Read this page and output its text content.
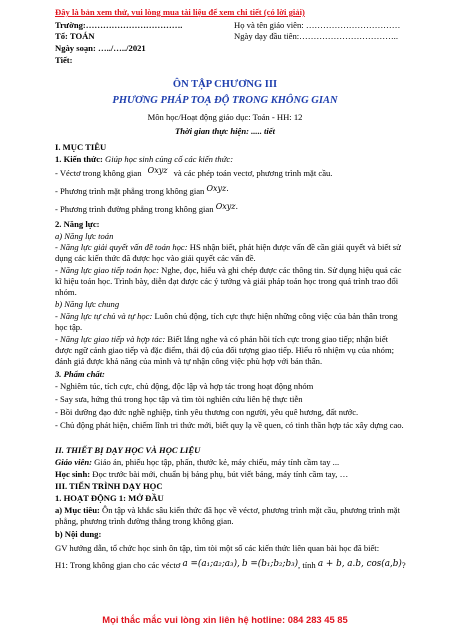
Đây là bản xem thử, vui lòng mua tài liệu để xem chi tiết (có lời giải)
Trường:…………………………….	Họ và tên giáo viên: ……………………………
Tổ: TOÁN	Ngày dạy đầu tiên:……………………………..
Ngày soạn: …../…../2021
Tiết:
ÔN TẬP CHƯƠNG III
PHƯƠNG PHÁP TOẠ ĐỘ TRONG KHÔNG GIAN
Môn học/Hoạt động giáo dục: Toán - HH: 12
Thời gian thực hiện: ..... tiết
I. MỤC TIÊU
1. Kiến thức: Giúp học sinh củng cố các kiến thức:
- Véctơ trong không gian Oxyz và các phép toán vectơ, phương trình mặt cầu.
- Phương trình mặt phẳng trong không gian Oxyz.
- Phương trình đường phẳng trong không gian Oxyz.
2. Năng lực:
a) Năng lực toán
- Năng lực giải quyết vấn đề toán học: HS nhận biết, phát hiện được vấn đề cần giải quyết và biết sử dụng các kiến thức đã được học vào giải quyết các vấn đề.
- Năng lực giao tiếp toán học: Nghe, đọc, hiểu và ghi chép được các thông tin. Sử dụng hiệu quả các kĩ hiệu toán học. Trình bày, diễn đạt được các ý tưởng và giải pháp toán học trong quá trình trao đổi nhóm.
b) Năng lực chung
- Năng lực tự chủ và tự học: Luôn chủ động, tích cực thực hiện những công việc của bản thân trong học tập.
- Năng lực giao tiếp và hợp tác: Biết lắng nghe và có phản hồi tích cực trong giao tiếp; nhận biết được ngữ cảnh giao tiếp và đặc điểm, thái độ của đối tượng giao tiếp. Hiểu rõ nhiệm vụ của nhóm; đánh giá được khả năng của mình và tự nhận công việc phù hợp với bản thân.
3. Phẩm chất:
- Nghiêm túc, tích cực, chủ động, độc lập và hợp tác trong hoạt động nhóm
- Say sưa, hứng thú trong học tập và tìm tòi nghiên cứu liên hệ thực tiễn
- Bồi dưỡng đạo đức nghề nghiệp, tình yêu thương con người, yêu quê hương, đất nước.
- Chủ động phát hiện, chiếm lĩnh tri thức mới, biết quy lạ về quen, có tinh thần hợp tác xây dựng cao.
II. THIẾT BỊ DẠY HỌC VÀ HỌC LIỆU
Giáo viên: Giáo án, phiếu học tập, phấn, thước kẻ, máy chiếu, máy tính cầm tay ...
Học sinh: Đọc trước bài mới, chuẩn bị bảng phụ, bút viết bảng, máy tính cầm tay, …
III. TIẾN TRÌNH DẠY HỌC
1. HOẠT ĐỘNG 1: MỞ ĐẦU
a) Mục tiêu: Ôn tập và khắc sâu kiến thức đã học về véctơ, phương trình mặt cầu, phương trình mặt phẳng, phương trình đường thẳng trong không gian.
b) Nội dung:
GV hướng dẫn, tổ chức học sinh ôn tập, tìm tòi một số các kiến thức liên quan bài học đã biết:
H1: Trong không gian cho các véctơ a =(a₁;a₂;a₃), b =(b₁;b₂;b₃), tính a + b, a.b, cos(a,b)?
Mọi thắc mắc vui lòng xin liên hệ hotline: 084 283 45 85
